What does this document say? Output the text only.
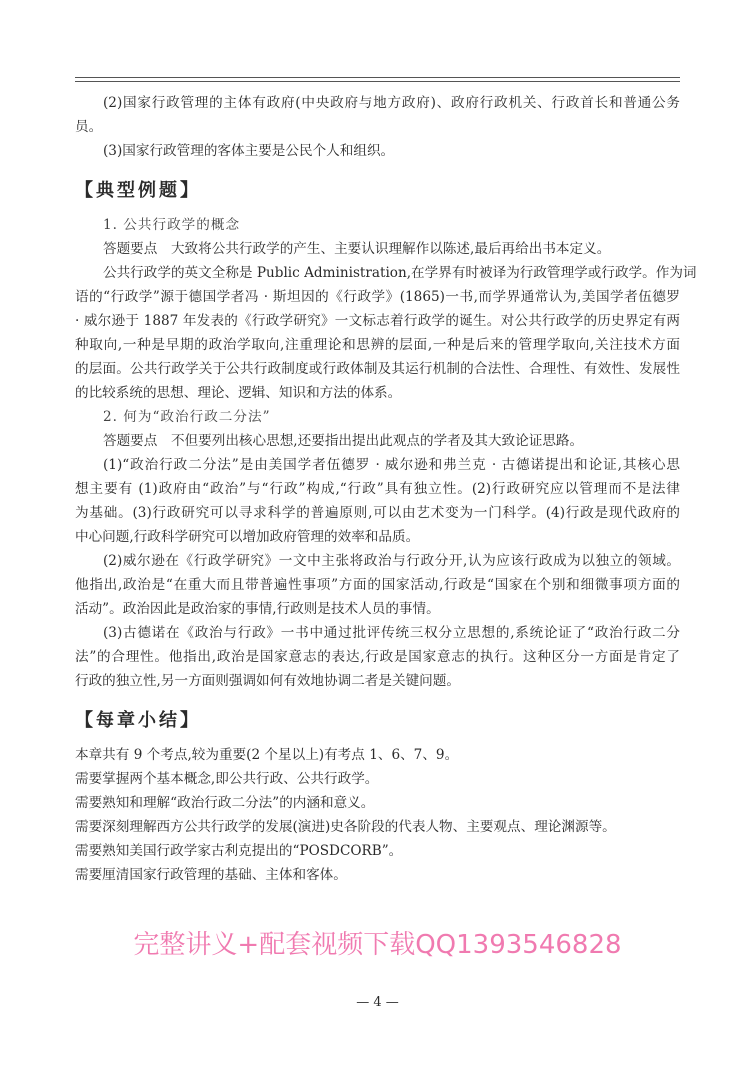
(2)国家行政管理的主体有政府(中央政府与地方政府)、政府行政机关、行政首长和普通公务
员。
(3)国家行政管理的客体主要是公民个人和组织。
【典型例题】
1. 公共行政学的概念
答题要点　大致将公共行政学的产生、主要认识理解作以陈述,最后再给出书本定义。
公共行政学的英文全称是 Public Administration,在学界有时被译为行政管理学或行政学。作为词
语的“行政学”源于德国学者冯 · 斯坦因的《行政学》(1865)一书,而学界通常认为,美国学者伍德罗
· 威尔逊于 1887 年发表的《行政学研究》一文标志着行政学的诞生。对公共行政学的历史界定有两
种取向,一种是早期的政治学取向,注重理论和思辨的层面,一种是后来的管理学取向,关注技术方面
的层面。公共行政学关于公共行政制度或行政体制及其运行机制的合法性、合理性、有效性、发展性
的比较系统的思想、理论、逻辑、知识和方法的体系。
2. 何为“政治行政二分法”
答题要点　不但要列出核心思想,还要指出提出此观点的学者及其大致论证思路。
(1)“政治行政二分法”是由美国学者伍德罗 · 威尔逊和弗兰克 · 古德诺提出和论证,其核心思
想主要有 (1)政府由“政治”与“行政”构成,“行政”具有独立性。(2)行政研究应以管理而不是法律
为基础。(3)行政研究可以寻求科学的普遍原则,可以由艺术变为一门科学。(4)行政是现代政府的
中心问题,行政科学研究可以增加政府管理的效率和品质。
(2)威尔逊在《行政学研究》一文中主张将政治与行政分开,认为应该行政成为以独立的领域。
他指出,政治是“在重大而且带普遍性事项”方面的国家活动,行政是“国家在个别和细微事项方面的
活动”。政治因此是政治家的事情,行政则是技术人员的事情。
(3)古德诺在《政治与行政》一书中通过批评传统三权分立思想的,系统论证了“政治行政二分
法”的合理性。他指出,政治是国家意志的表达,行政是国家意志的执行。这种区分一方面是肯定了
行政的独立性,另一方面则强调如何有效地协调二者是关键问题。
【每章小结】
本章共有 9 个考点,较为重要(2 个星以上)有考点 1、6、7、9。
需要掌握两个基本概念,即公共行政、公共行政学。
需要熟知和理解“政治行政二分法”的内涵和意义。
需要深刻理解西方公共行政学的发展(演进)史各阶段的代表人物、主要观点、理论渊源等。
需要熟知美国行政学家古利克提出的“POSDCORB”。
需要厘清国家行政管理的基础、主体和客体。
完整讲义+配套视频下载QQ1393546828
— 4 —
